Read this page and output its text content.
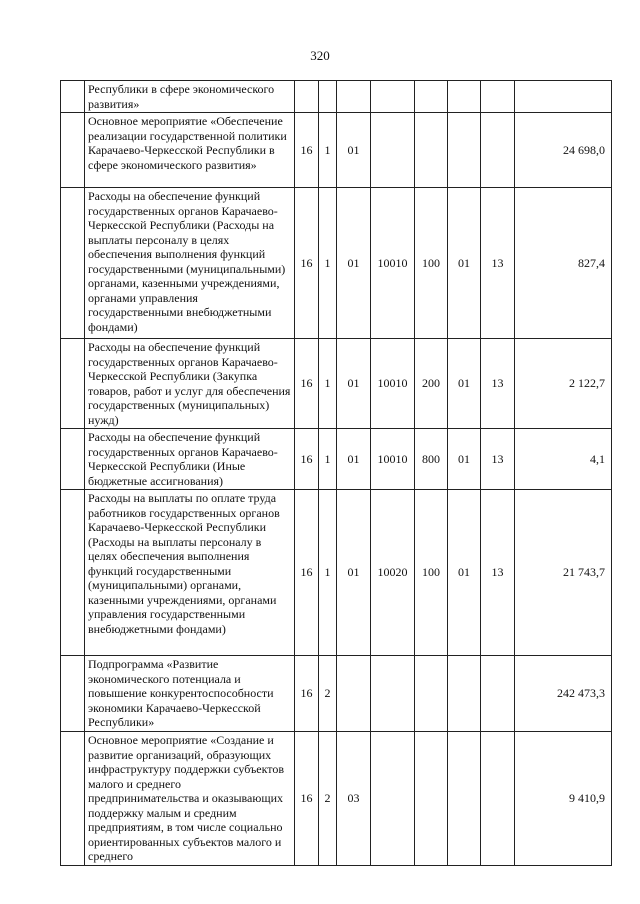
320
	Республики в сфере экономического развития»								
	Основное мероприятие «Обеспечение реализации государственной политики Карачаево-Черкесской Республики в сфере экономического развития»	16	1	01					24 698,0
	Расходы на обеспечение функций государственных органов Карачаево-Черкесской Республики (Расходы на выплаты персоналу в целях обеспечения выполнения функций государственными (муниципальными) органами, казенными учреждениями, органами управления государственными внебюджетными фондами)	16	1	01	10010	100	01	13	827,4
	Расходы на обеспечение функций государственных органов Карачаево-Черкесской Республики (Закупка товаров, работ и услуг для обеспечения государственных (муниципальных) нужд)	16	1	01	10010	200	01	13	2 122,7
	Расходы на обеспечение функций государственных органов Карачаево-Черкесской Республики (Иные бюджетные ассигнования)	16	1	01	10010	800	01	13	4,1
	Расходы на выплаты по оплате труда работников государственных органов Карачаево-Черкесской Республики (Расходы на выплаты персоналу в целях обеспечения выполнения функций государственными (муниципальными) органами, казенными учреждениями, органами управления государственными внебюджетными фондами)	16	1	01	10020	100	01	13	21 743,7
	Подпрограмма «Развитие экономического потенциала и повышение конкурентоспособности экономики Карачаево-Черкесской Республики»	16	2						242 473,3
	Основное мероприятие «Создание и развитие организаций, образующих инфраструктуру поддержки субъектов малого и среднего предпринимательства и оказывающих поддержку малым и средним предприятиям, в том числе социально ориентированных субъектов малого и среднего	16	2	03					9 410,9
